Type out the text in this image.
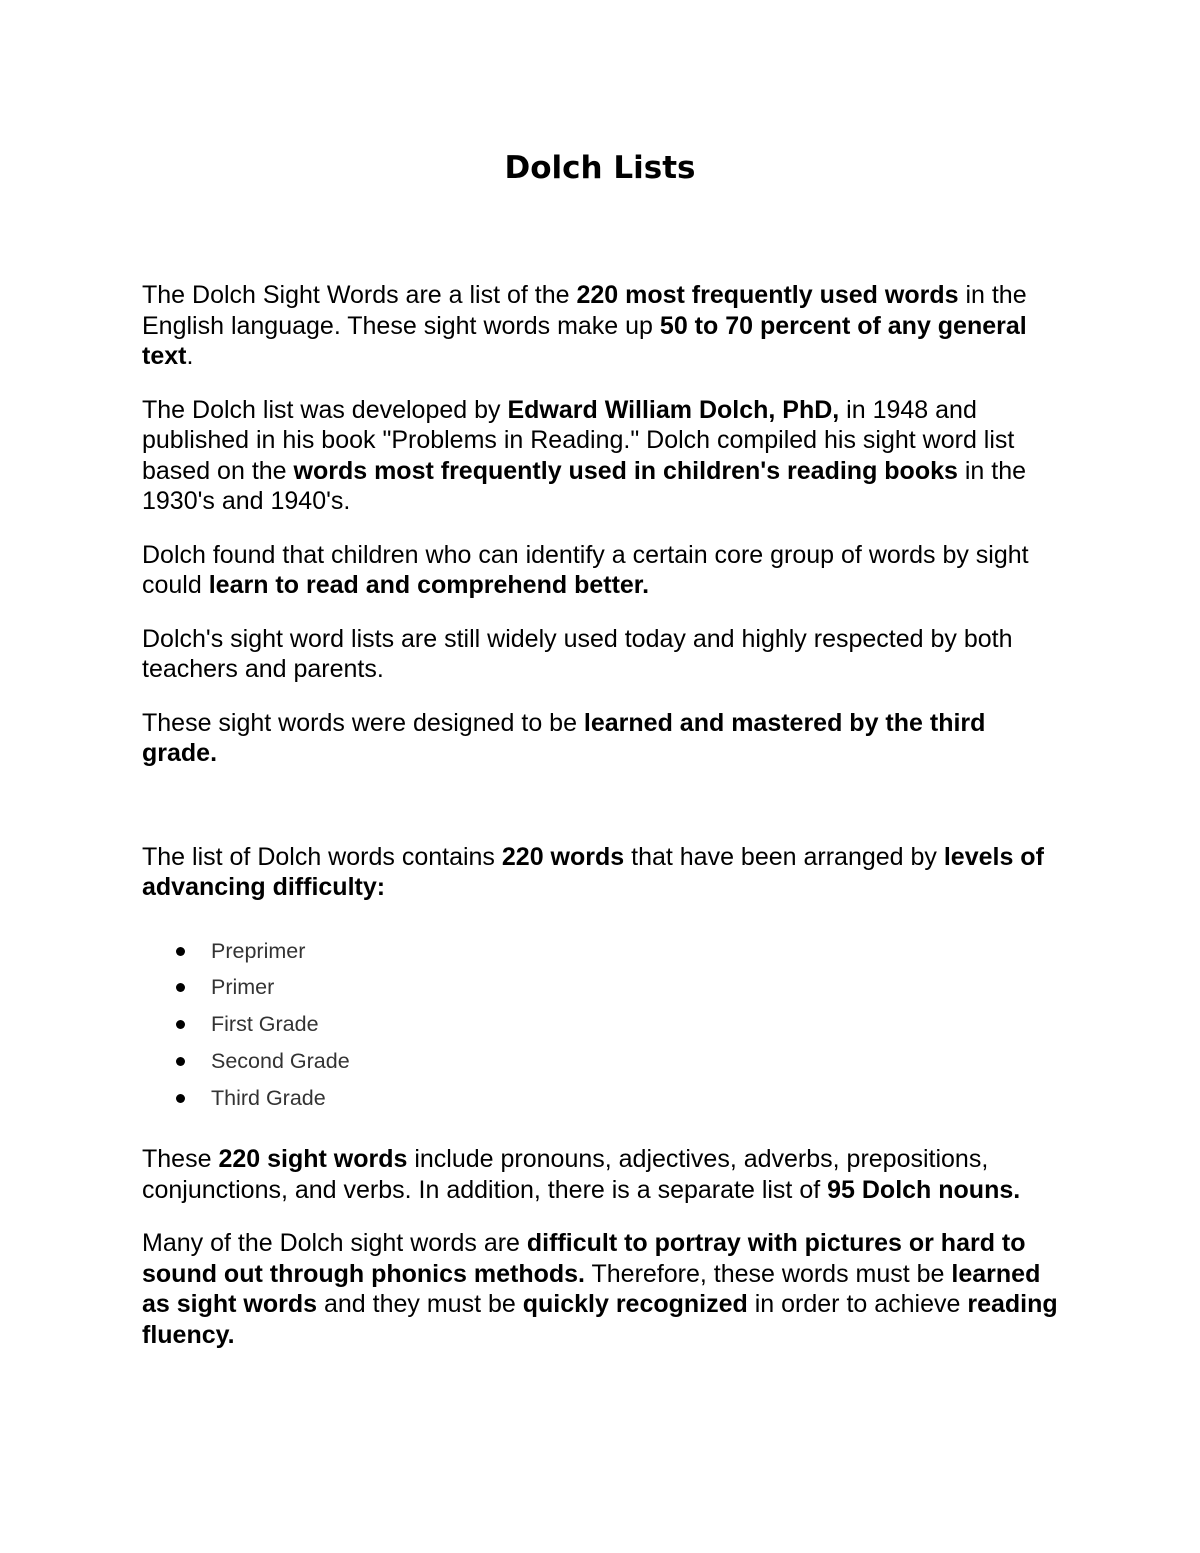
Dolch Lists

The Dolch Sight Words are a list of the 220 most frequently used words in the English language. These sight words make up 50 to 70 percent of any general text.

The Dolch list was developed by Edward William Dolch, PhD, in 1948 and published in his book "Problems in Reading." Dolch compiled his sight word list based on the words most frequently used in children's reading books in the 1930's and 1940's.

Dolch found that children who can identify a certain core group of words by sight could learn to read and comprehend better.

Dolch's sight word lists are still widely used today and highly respected by both teachers and parents.

These sight words were designed to be learned and mastered by the third grade.

The list of Dolch words contains 220 words that have been arranged by levels of advancing difficulty:

Preprimer
Primer
First Grade
Second Grade
Third Grade

These 220 sight words include pronouns, adjectives, adverbs, prepositions, conjunctions, and verbs. In addition, there is a separate list of 95 Dolch nouns.

Many of the Dolch sight words are difficult to portray with pictures or hard to sound out through phonics methods. Therefore, these words must be learned as sight words and they must be quickly recognized in order to achieve reading fluency.
